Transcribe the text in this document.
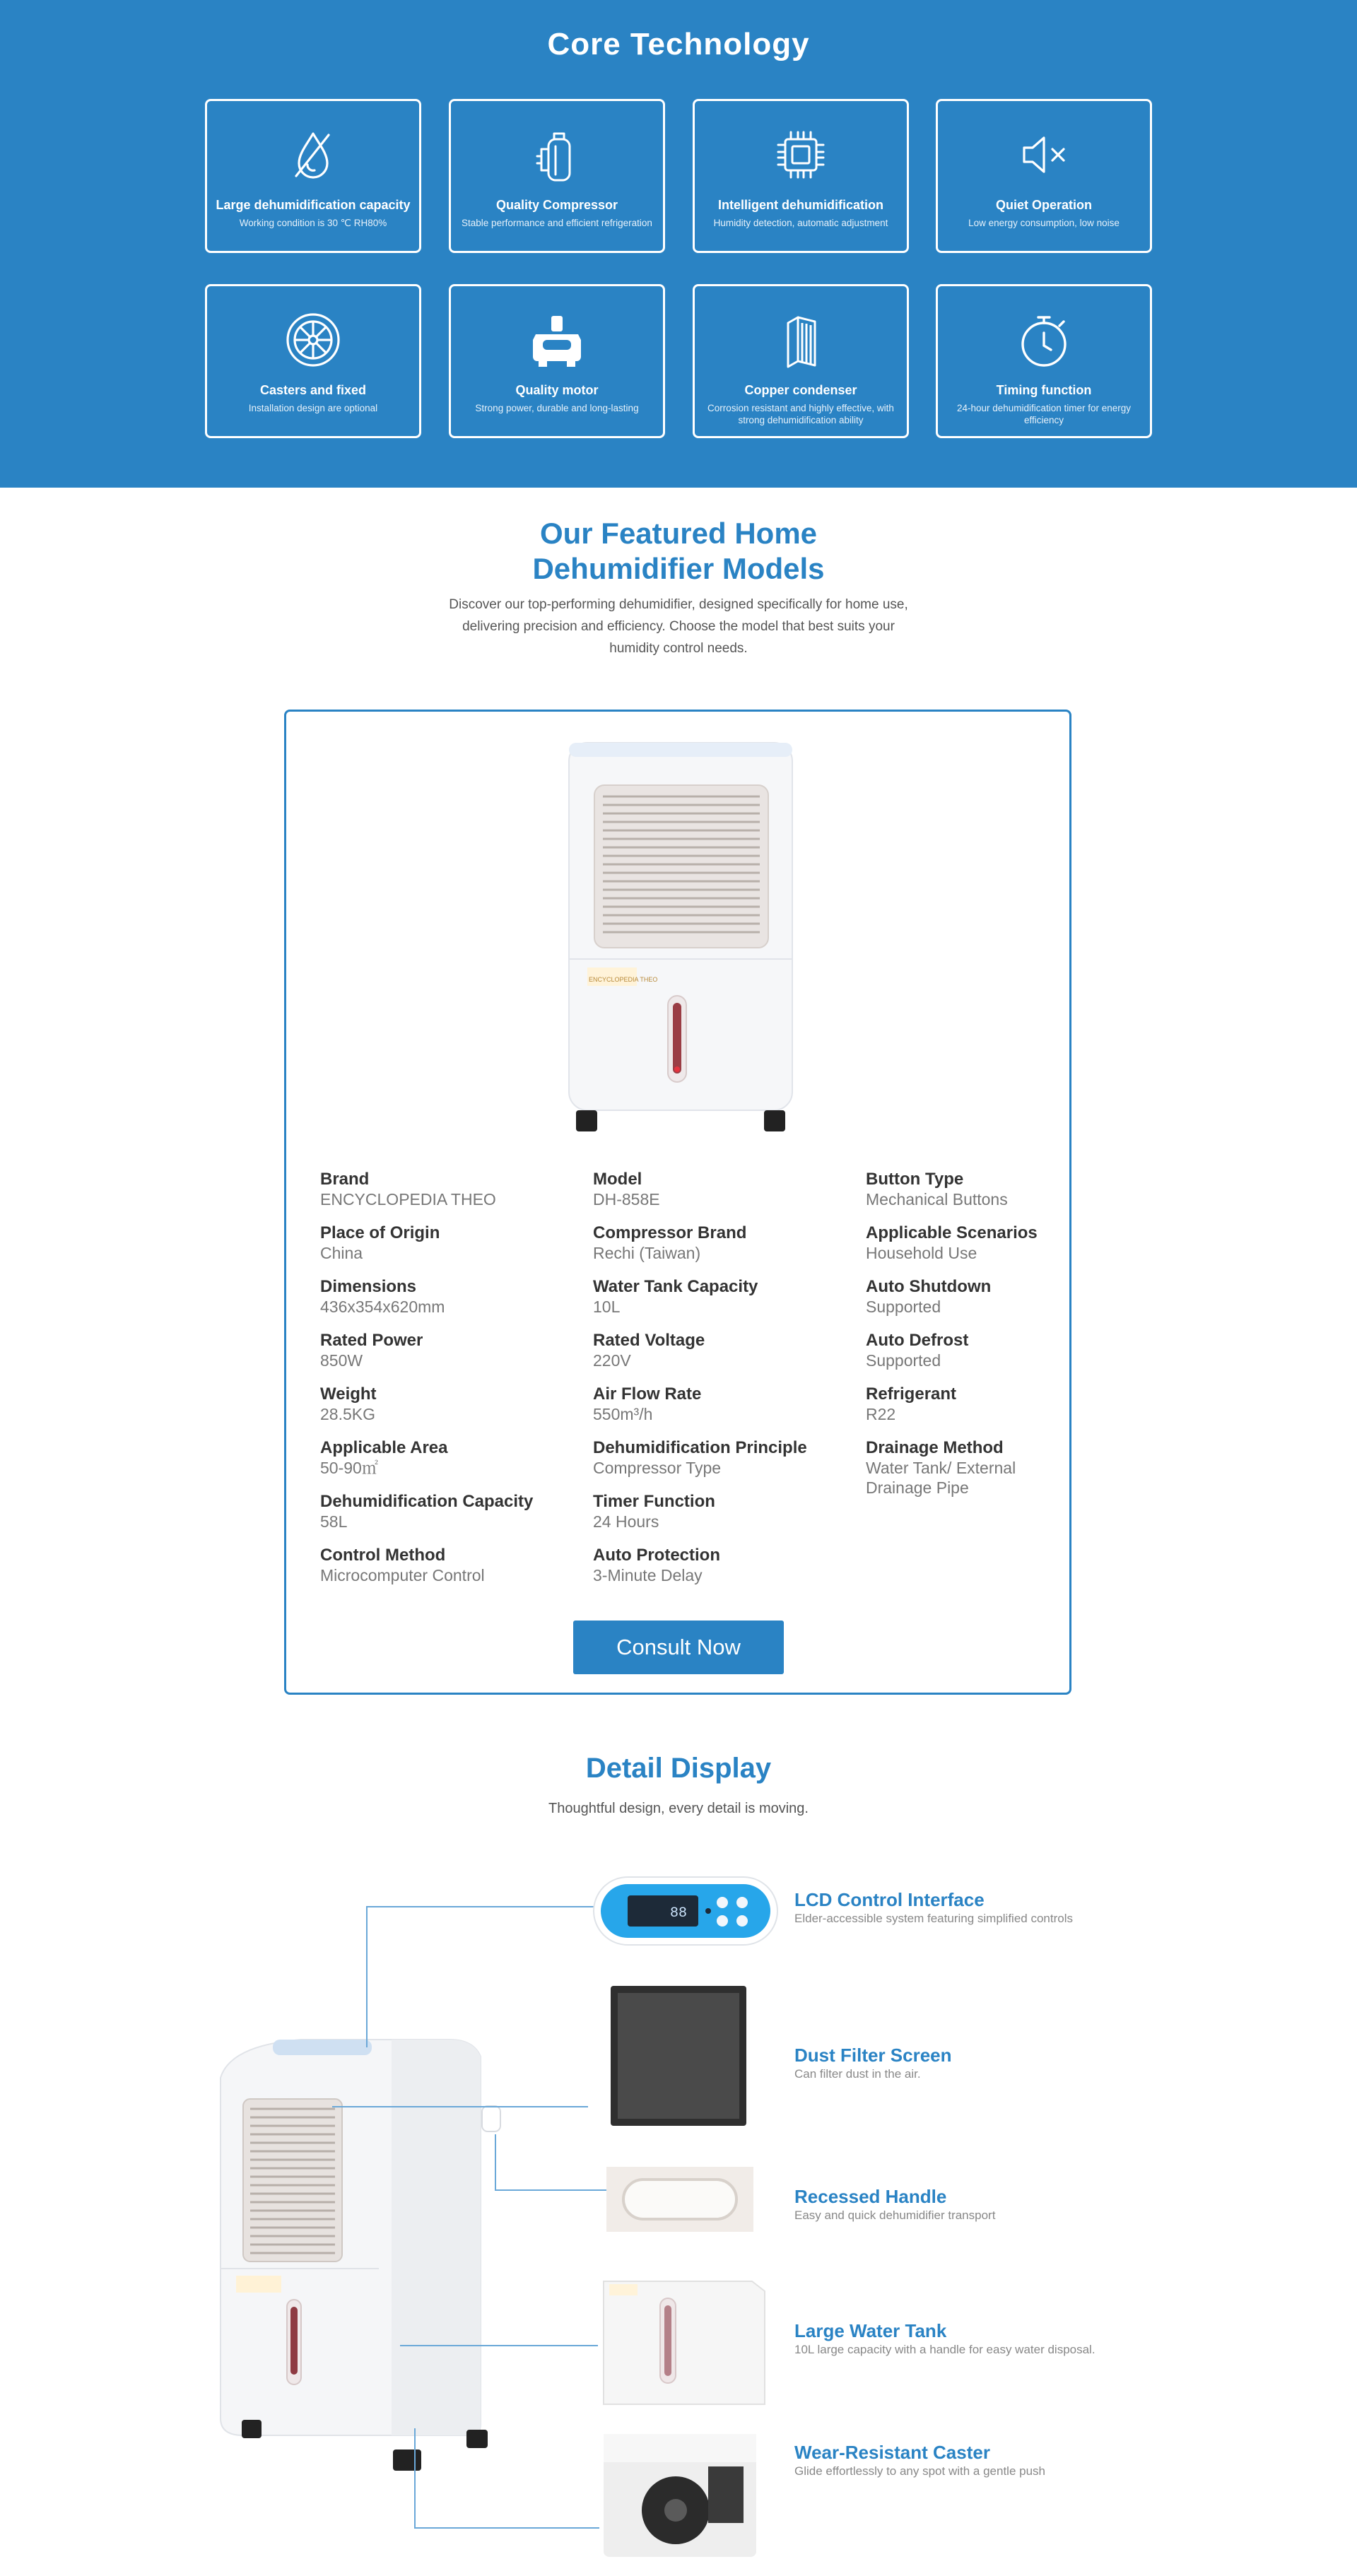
Core Technology
Large dehumidification capacity
Working condition is 30 ℃ RH80%
Quality Compressor
Stable performance and efficient refrigeration
Intelligent dehumidification
Humidity detection, automatic adjustment
Quiet Operation
Low energy consumption, low noise
Casters and fixed
Installation design are optional
Quality motor
Strong power, durable and long-lasting
Copper condenser
Corrosion resistant and highly effective, with strong dehumidification ability
Timing function
24-hour dehumidification timer for energy efficiency
Our Featured Home
Dehumidifier Models

Discover our top-performing dehumidifier, designed specifically for home use, delivering precision and efficiency. Choose the model that best suits your humidity control needs.

ENCYCLOPEDIA THEO
Brand
ENCYCLOPEDIA THEO
Place of Origin
China
Dimensions
436x354x620mm
Rated Power
850W
Weight
28.5KG
Applicable Area
50-90㎡
Dehumidification Capacity
58L
Control Method
Microcomputer Control
Model
DH-858E
Compressor Brand
Rechi (Taiwan)
Water Tank Capacity
10L
Rated Voltage
220V
Air Flow Rate
550m³/h
Dehumidification Principle
Compressor Type
Timer Function
24 Hours
Auto Protection
3-Minute Delay
Button Type
Mechanical Buttons
Applicable Scenarios
Household Use
Auto Shutdown
Supported
Auto Defrost
Supported
Refrigerant
R22
Drainage Method
Water Tank/ External Drainage Pipe
Consult Now
Detail Display

Thoughtful design, every detail is moving.

88
LCD Control Interface
Elder-accessible system featuring simplified controls
Dust Filter Screen
Can filter dust in the air.
Recessed Handle
Easy and quick dehumidifier transport
Large Water Tank
10L large capacity with a handle for easy water disposal.
Wear-Resistant Caster
Glide effortlessly to any spot with a gentle push
